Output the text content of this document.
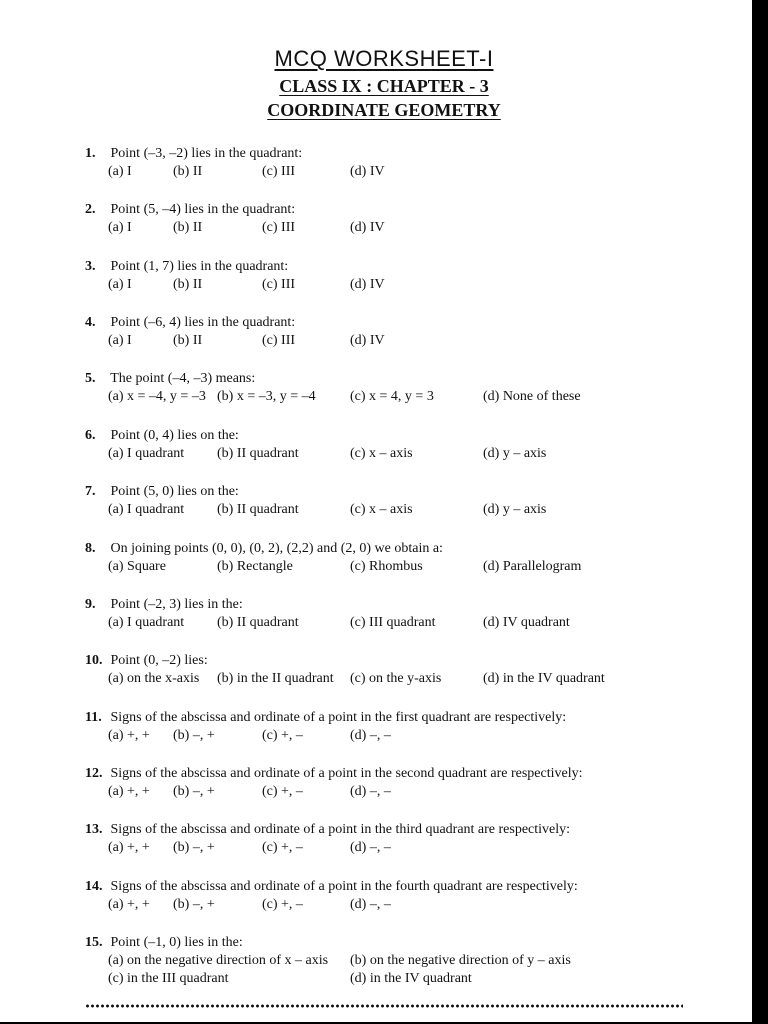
MCQ WORKSHEET-I
CLASS IX : CHAPTER - 3
COORDINATE GEOMETRY
1. Point (–3, –2) lies in the quadrant:
(a) I	(b) II	(c) III	(d) IV
2. Point (5, –4) lies in the quadrant:
(a) I	(b) II	(c) III	(d) IV
3. Point (1, 7) lies in the quadrant:
(a) I	(b) II	(c) III	(d) IV
4. Point (–6, 4) lies in the quadrant:
(a) I	(b) II	(c) III	(d) IV
5. The point (–4, –3) means:
(a) x = –4, y = –3 (b) x = –3, y = –4 (c) x = 4, y = 3	(d) None of these
6. Point (0, 4) lies on the:
(a) I quadrant (b) II quadrant	(c) x – axis	(d) y – axis
7. Point (5, 0) lies on the:
(a) I quadrant (b) II quadrant	(c) x – axis	(d) y – axis
8. On joining points (0, 0), (0, 2), (2,2) and (2, 0) we obtain a:
(a) Square	(b) Rectangle	(c) Rhombus	(d) Parallelogram
9. Point (–2, 3) lies in the:
(a) I quadrant (b) II quadrant	(c) III quadrant	(d) IV quadrant
10. Point (0, –2) lies:
(a) on the x-axis (b) in the II quadrant (c) on the y-axis	(d) in the IV quadrant
11. Signs of the abscissa and ordinate of a point in the first quadrant are respectively:
(a) +, + (b) –, +	(c) +, –	(d) –, –
12. Signs of the abscissa and ordinate of a point in the second quadrant are respectively:
(a) +, + (b) –, +	(c) +, –	(d) –, –
13. Signs of the abscissa and ordinate of a point in the third quadrant are respectively:
(a) +, + (b) –, +	(c) +, –	(d) –, –
14. Signs of the abscissa and ordinate of a point in the fourth quadrant are respectively:
(a) +, + (b) –, +	(c) +, –	(d) –, –
15. Point (–1, 0) lies in the:
(a) on the negative direction of x – axis (b) on the negative direction of y – axis
(c) in the III quadrant	(d) in the IV quadrant
